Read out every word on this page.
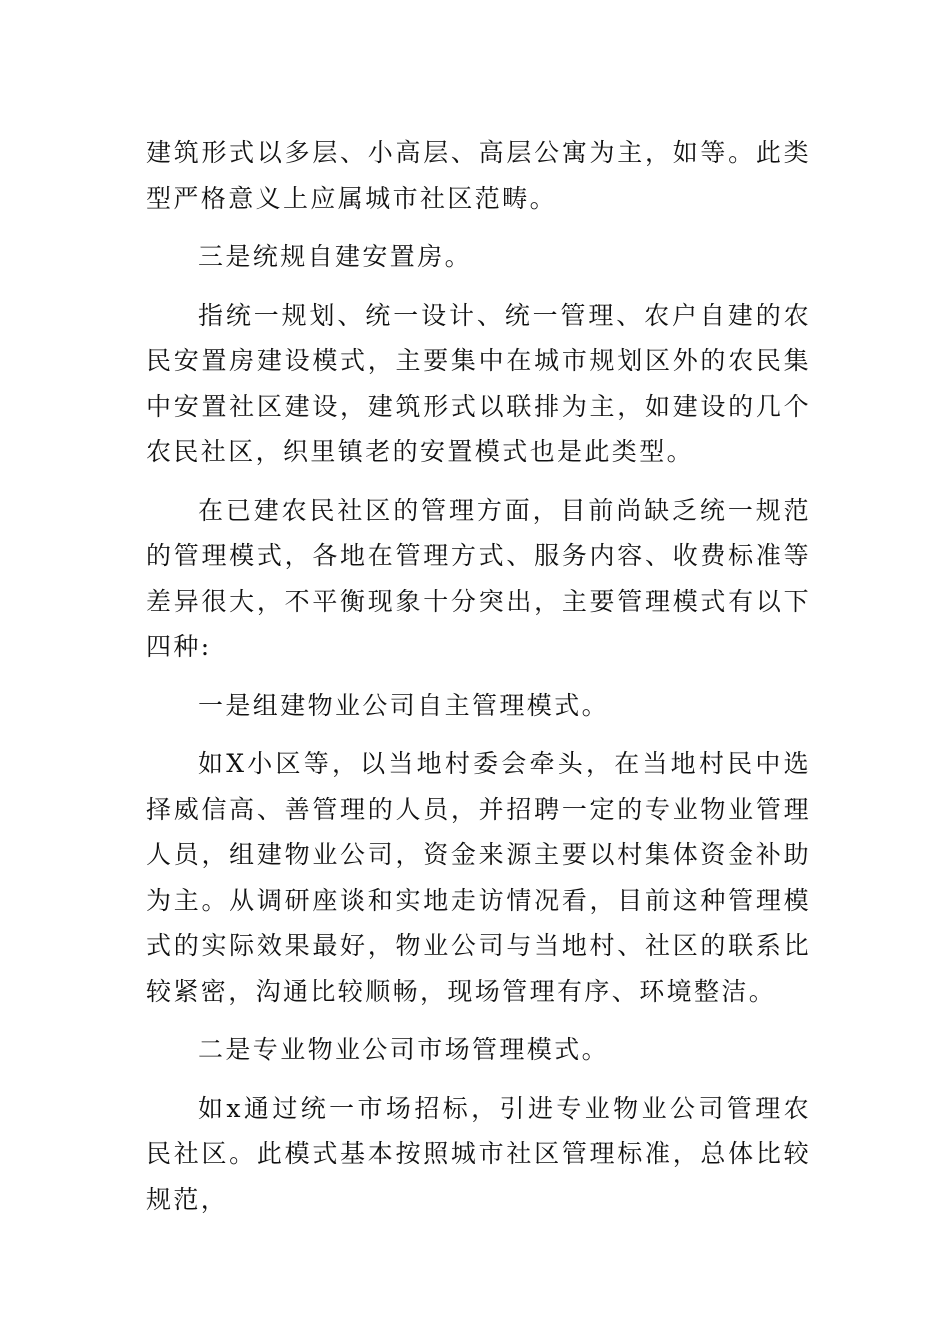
建筑形式以多层、小高层、高层公寓为主，如等。此类型严格意义上应属城市社区范畴。

三是统规自建安置房。

指统一规划、统一设计、统一管理、农户自建的农民安置房建设模式，主要集中在城市规划区外的农民集中安置社区建设，建筑形式以联排为主，如建设的几个农民社区，织里镇老的安置模式也是此类型。

在已建农民社区的管理方面，目前尚缺乏统一规范的管理模式，各地在管理方式、服务内容、收费标准等差异很大，不平衡现象十分突出，主要管理模式有以下四种:

一是组建物业公司自主管理模式。

如X小区等，以当地村委会牵头，在当地村民中选择威信高、善管理的人员，并招聘一定的专业物业管理人员，组建物业公司，资金来源主要以村集体资金补助为主。从调研座谈和实地走访情况看，目前这种管理模式的实际效果最好，物业公司与当地村、社区的联系比较紧密，沟通比较顺畅，现场管理有序、环境整洁。

二是专业物业公司市场管理模式。

如x通过统一市场招标，引进专业物业公司管理农民社区。此模式基本按照城市社区管理标准，总体比较规范，
